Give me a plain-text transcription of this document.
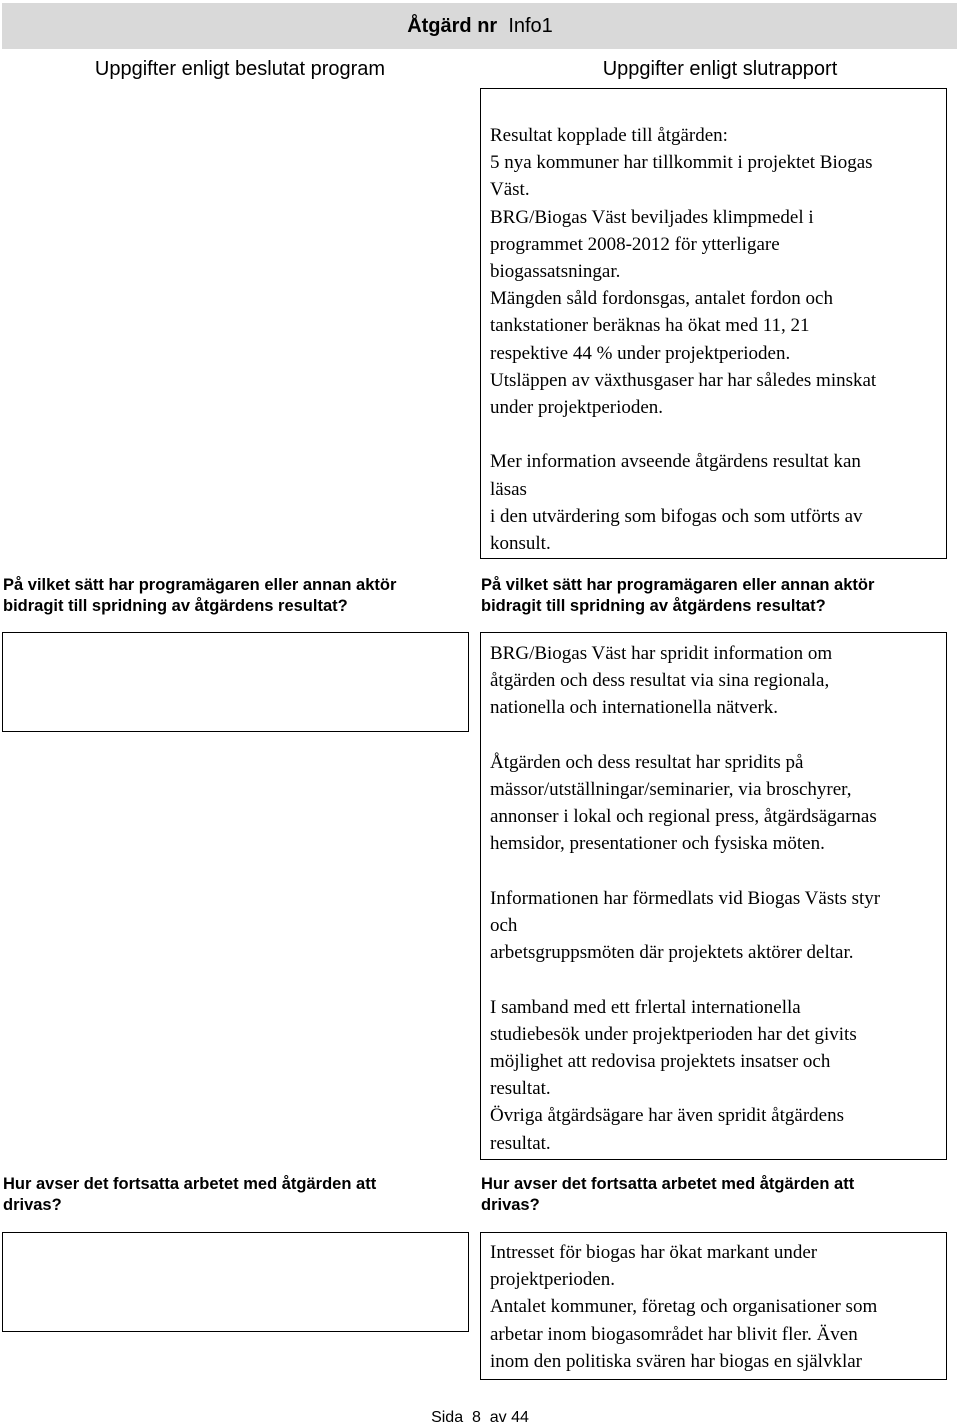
Åtgärd nr Info1
Uppgifter enligt beslutat program	Uppgifter enligt slutrapport
Resultat kopplade till åtgärden:
5 nya kommuner har tillkommit i projektet Biogas
Väst.
BRG/Biogas Väst beviljades klimpmedel i
programmet 2008-2012 för ytterligare
biogassatsningar.
Mängden såld fordonsgas, antalet fordon och
tankstationer beräknas ha ökat med 11, 21
respektive 44 % under projektperioden.
Utsläppen av växthusgaser har har således minskat
under projektperioden.

Mer information avseende åtgärdens resultat kan
läsas
i den utvärdering som bifogas och som utförts av
konsult.
På vilket sätt har programägaren eller annan aktör
bidragit till spridning av åtgärdens resultat?
På vilket sätt har programägaren eller annan aktör
bidragit till spridning av åtgärdens resultat?
BRG/Biogas Väst har spridit information om
åtgärden och dess resultat via sina regionala,
nationella och internationella nätverk.

Åtgärden och dess resultat har spridits på
mässor/utställningar/seminarier, via broschyrer,
annonser i lokal och regional press, åtgärdsägarnas
hemsidor, presentationer och fysiska möten.

Informationen har förmedlats vid Biogas Västs styr
och
arbetsgruppsmöten där projektets aktörer deltar.

I samband med ett frlertal internationella
studiebesök under projektperioden har det givits
möjlighet att redovisa projektets insatser och
resultat.
Övriga åtgärdsägare har även spridit åtgärdens
resultat.
Hur avser det fortsatta arbetet med åtgärden att
drivas?
Hur avser det fortsatta arbetet med åtgärden att
drivas?
Intresset för biogas har ökat markant under
projektperioden.
Antalet kommuner, företag och organisationer som
arbetar inom biogasområdet har blivit fler. Även
inom den politiska svären har biogas en självklar
Sida 8 av 44
